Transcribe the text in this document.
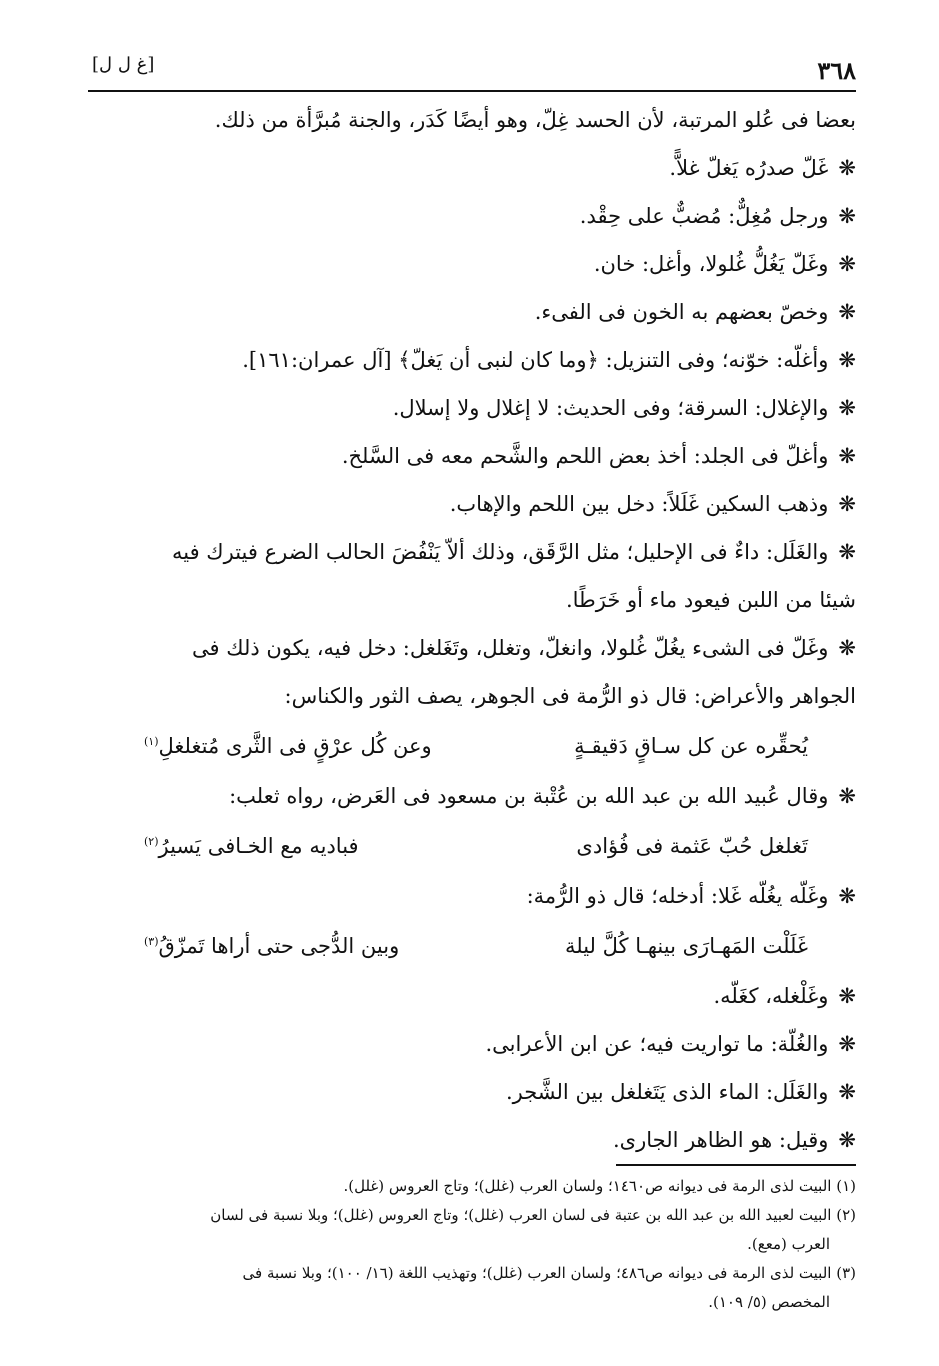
٣٦٨
[غ ل ل]
بعضا فى عُلو المرتبة، لأن الحسد غِلّ، وهو أيضًا كَدَر، والجنة مُبرَّأة من ذلك.
❋غَلّ صدرُه يَغلّ غلاًّ.
❋ورجل مُغِلٌّ: مُضبٌّ على حِقْد.
❋وغَلّ يَغُلُّ غُلولا، وأغل: خان.
❋وخصّ بعضهم به الخون فى الفىء.
❋وأغلّه: خوّنه؛ وفى التنزيل: ﴿وما كان لنبى أن يَغلّ﴾ [آل عمران:١٦١].
❋والإغلال: السرقة؛ وفى الحديث: لا إغلال ولا إسلال.
❋وأغلّ فى الجلد: أخذ بعض اللحم والشَّحم معه فى السَّلخ.
❋وذهب السكين غَلَلاً: دخل بين اللحم والإهاب.
❋والغَلَل: داءٌ فى الإحليل؛ مثل الرَّقَق، وذلك ألاّ يَنْفُضَ الحالب الضرع فيترك فيه
شيئا من اللبن فيعود ماء أو خَرَطًا.
❋وغَلّ فى الشىء يغُلّ غُلولا، وانغلّ، وتغلل، وتَغَلغل: دخل فيه، يكون ذلك فى
الجواهر والأعراض: قال ذو الرُّمة فى الجوهر، يصف الثور والكناس:
يُحقِّره عن كل سـاقٍ دَقيقـةٍ
وعن كُل عرْقٍ فى الثَّرى مُتغلغلِ$^{(١)}$
❋وقال عُبيد الله بن عبد الله بن عُتْبة بن مسعود فى العَرض، رواه ثعلب:
تَغلغل حُبّ عَثمة فى فُؤادى
فباديه مع الخـافى يَسيرُ$^{(٢)}$
❋وغَلّه يغُلّه غَلا: أدخله؛ قال ذو الرُّمة:
غَلَلْت المَهـارَى بينهـا كُلَّ ليلة
وبين الدُّجى حتى أراها تَمزّقُ$^{(٣)}$
❋وغَلْغله، كغَلّه.
❋والغُلّة: ما تواريت فيه؛ عن ابن الأعرابى.
❋والغَلَل: الماء الذى يَتَغلغل بين الشَّجر.
❋وقيل: هو الظاهر الجارى.
(١) البيت لذى الرمة فى ديوانه ص١٤٦٠؛ ولسان العرب (غلل)؛ وتاج العروس (غلل).
(٢) البيت لعبيد الله بن عبد الله بن عتبة فى لسان العرب (غلل)؛ وتاج العروس (غلل)؛ وبلا نسبة فى لسان
العرب (معع).
(٣) البيت لذى الرمة فى ديوانه ص٤٨٦؛ ولسان العرب (غلل)؛ وتهذيب اللغة (١٦/ ١٠٠)؛ وبلا نسبة فى
المخصص (٥/ ١٠٩).
